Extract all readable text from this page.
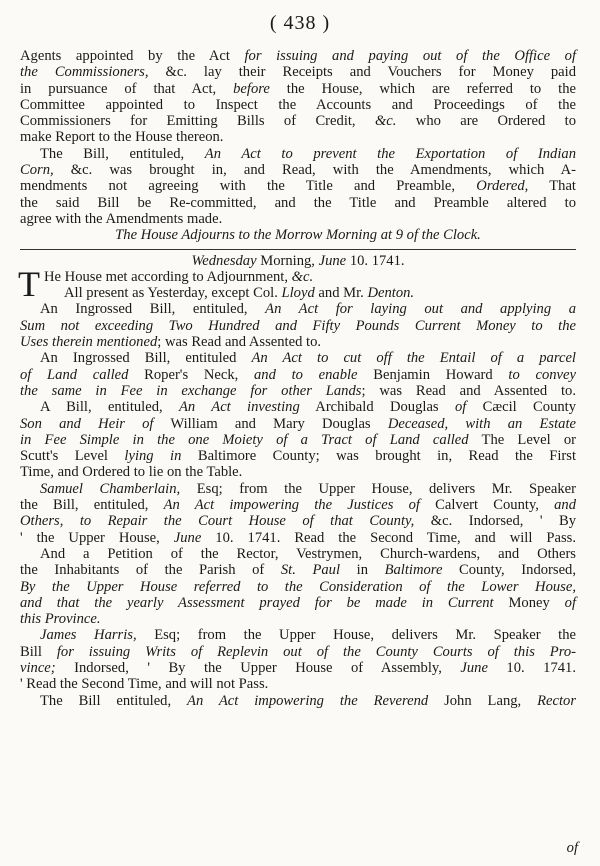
( 438 )
Agents appointed by the Act for issuing and paying out of the Office of
the Commissioners, &c. lay their Receipts and Vouchers for Money paid
in pursuance of that Act, before the House, which are referred to the
Committee appointed to Inspect the Accounts and Proceedings of the
Commissioners for Emitting Bills of Credit, &c. who are Ordered to
make Report to the House thereon.
The Bill, entituled, An Act to prevent the Exportation of Indian
Corn, &c. was brought in, and Read, with the Amendments, which A-
mendments not agreeing with the Title and Preamble, Ordered, That
the said Bill be Re-committed, and the Title and Preamble altered to
agree with the Amendments made.
The House Adjourns to the Morrow Morning at 9 of the Clock.
Wednesday Morning, June 10. 1741.
T He House met according to Adjournment, &c.
All present as Yesterday, except Col. Lloyd and Mr. Denton.
An Ingrossed Bill, entituled, An Act for laying out and applying a
Sum not exceeding Two Hundred and Fifty Pounds Current Money to the
Uses therein mentioned; was Read and Assented to.
An Ingrossed Bill, entituled An Act to cut off the Entail of a parcel
of Land called Roper's Neck, and to enable Benjamin Howard to convey
the same in Fee in exchange for other Lands; was Read and Assented to.
A Bill, entituled, An Act investing Archibald Douglas of Cæcil County
Son and Heir of William and Mary Douglas Deceased, with an Estate
in Fee Simple in the one Moiety of a Tract of Land called The Level or
Scutt's Level lying in Baltimore County; was brought in, Read the First
Time, and Ordered to lie on the Table.
Samuel Chamberlain, Esq; from the Upper House, delivers Mr. Speaker
the Bill, entituled, An Act impowering the Justices of Calvert County, and
Others, to Repair the Court House of that County, &c. Indorsed, ' By
' the Upper House, June 10. 1741. Read the Second Time, and will Pass.
And a Petition of the Rector, Vestrymen, Church-wardens, and Others
the Inhabitants of the Parish of St. Paul in Baltimore County, Indorsed,
By the Upper House referred to the Consideration of the Lower House,
and that the yearly Assessment prayed for be made in Current Money of
this Province.
James Harris, Esq; from the Upper House, delivers Mr. Speaker the
Bill for issuing Writs of Replevin out of the County Courts of this Pro-
vince; Indorsed, ' By the Upper House of Assembly, June 10. 1741.
' Read the Second Time, and will not Pass.
The Bill entituled, An Act impowering the Reverend John Lang, Rector
of
